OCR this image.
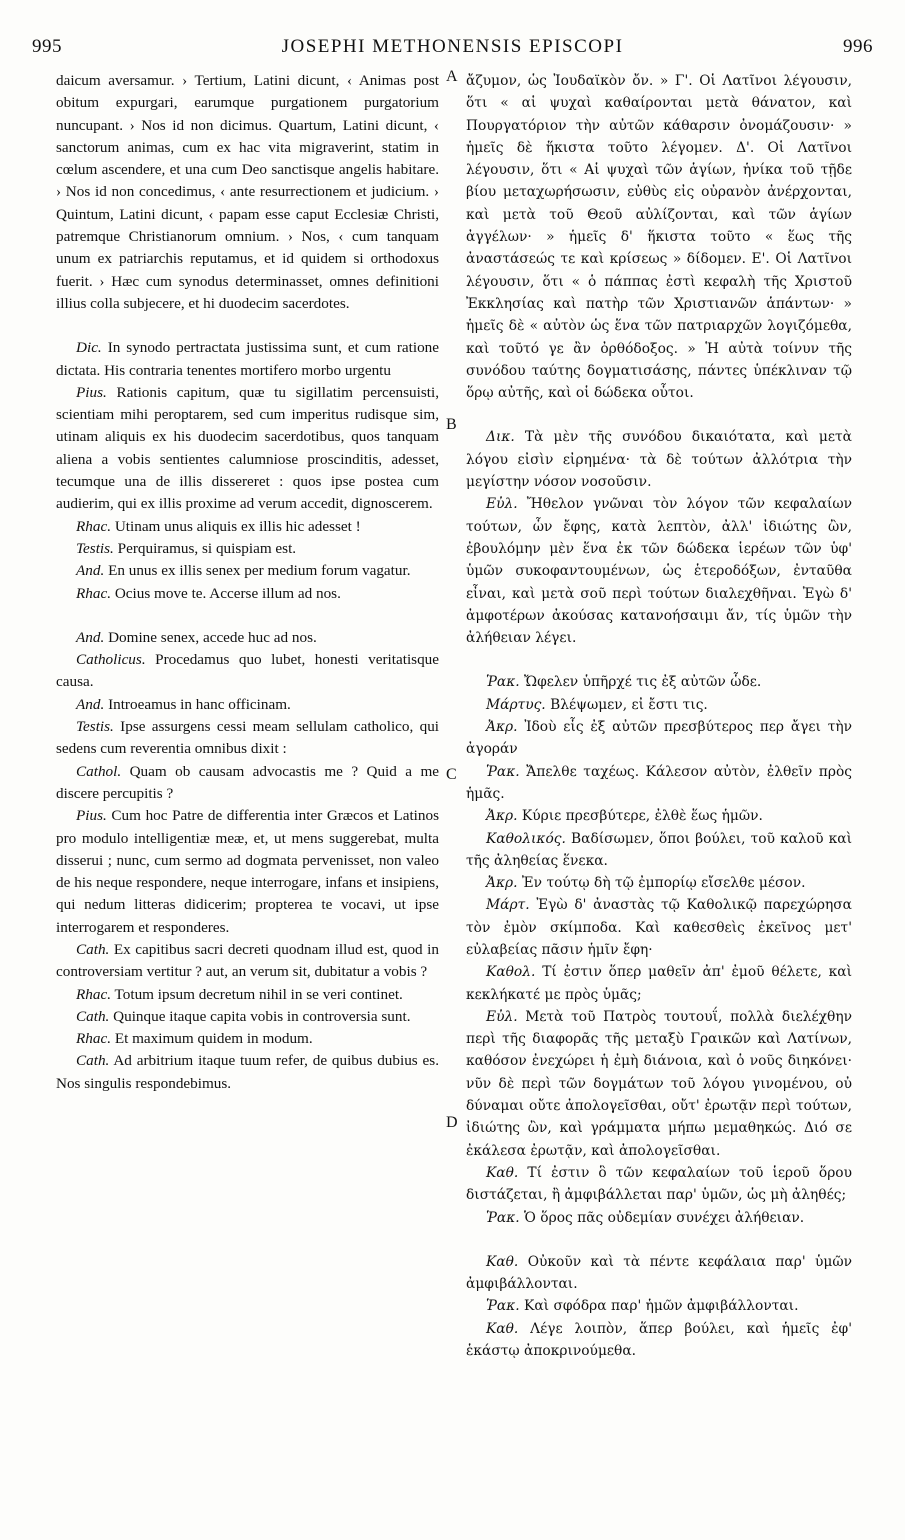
995	JOSEPHI METHONENSIS EPISCOPI	996
A
B
C
D

daicum aversamur. › Tertium, Latini dicunt, ‹ Animas post obitum expurgari, earumque purgationem purgatorium nuncupant. › Nos id non dicimus. Quartum, Latini dicunt, ‹ sanctorum animas, cum ex hac vita migraverint, statim in cœlum ascendere, et una cum Deo sanctisque angelis habitare. › Nos id non concedimus, ‹ ante resurrectionem et judicium. › Quintum, Latini dicunt, ‹ papam esse caput Ecclesiæ Christi, patremque Christianorum omnium. › Nos, ‹ cum tanquam unum ex patriarchis reputamus, et id quidem si orthodoxus fuerit. › Hæc cum synodus determinasset, omnes definitioni illius colla subjecere, et hi duodecim sacerdotes.

Dic. In synodo pertractata justissima sunt, et cum ratione dictata. His contraria tenentes mortifero morbo urgentu

Pius. Rationis capitum, quæ tu sigillatim percensuisti, scientiam mihi peroptarem, sed cum imperitus rudisque sim, utinam aliquis ex his duodecim sacerdotibus, quos tanquam aliena a vobis sentientes calumniose proscinditis, adesset, tecumque una de illis dissereret : quos ipse postea cum audierim, qui ex illis proxime ad verum accedit, dignoscerem.

Rhac. Utinam unus aliquis ex illis hic adesset !

Testis. Perquiramus, si quispiam est.

And. En unus ex illis senex per medium forum vagatur.

Rhac. Ocius move te. Accerse illum ad nos.

And. Domine senex, accede huc ad nos.

Catholicus. Procedamus quo lubet, honesti veritatisque causa.

And. Introeamus in hanc officinam.

Testis. Ipse assurgens cessi meam sellulam catholico, qui sedens cum reverentia omnibus dixit :

Cathol. Quam ob causam advocastis me ? Quid a me discere percupitis ?

Pius. Cum hoc Patre de differentia inter Græcos et Latinos pro modulo intelligentiæ meæ, et, ut mens suggerebat, multa disserui ; nunc, cum sermo ad dogmata pervenisset, non valeo de his neque respondere, neque interrogare, infans et insipiens, qui nedum litteras didicerim; propterea te vocavi, ut ipse interrogarem et responderes.

Cath. Ex capitibus sacri decreti quodnam illud est, quod in controversiam vertitur ? aut, an verum sit, dubitatur a vobis ?

Rhac. Totum ipsum decretum nihil in se veri continet.

Cath. Quinque itaque capita vobis in controversia sunt.

Rhac. Et maximum quidem in modum.

Cath. Ad arbitrium itaque tuum refer, de quibus dubius es. Nos singulis respondebimus.

ἄζυμον, ὡς Ἰουδαϊκὸν ὄν. » Γ'. Οἱ Λατῖνοι λέγουσιν, ὅτι « αἱ ψυχαὶ καθαίρονται μετὰ θάνατον, καὶ Πουργατόριον τὴν αὐτῶν κάθαρσιν ὀνομάζουσιν· » ἡμεῖς δὲ ἥκιστα τοῦτο λέγομεν. Δ'. Οἱ Λατῖνοι λέγουσιν, ὅτι « Αἱ ψυχαὶ τῶν ἁγίων, ἡνίκα τοῦ τῇδε βίου μεταχωρήσωσιν, εὐθὺς εἰς οὐρανὸν ἀνέρχονται, καὶ μετὰ τοῦ Θεοῦ αὐλίζονται, καὶ τῶν ἁγίων ἀγγέλων· » ἡμεῖς δ' ἥκιστα τοῦτο « ἕως τῆς ἀναστάσεώς τε καὶ κρίσεως » δίδομεν. Ε'. Οἱ Λατῖνοι λέγουσιν, ὅτι « ὁ πάππας ἐστὶ κεφαλὴ τῆς Χριστοῦ Ἐκκλησίας καὶ πατὴρ τῶν Χριστιανῶν ἁπάντων· » ἡμεῖς δὲ « αὐτὸν ὡς ἕνα τῶν πατριαρχῶν λογιζόμεθα, καὶ τοῦτό γε ἂν ὀρθόδοξος. » Ἡ αὐτὰ τοίνυν τῆς συνόδου ταύτης δογματισάσης, πάντες ὑπέκλιναν τῷ ὅρῳ αὐτῆς, καὶ οἱ δώδεκα οὗτοι.

Δικ. Τὰ μὲν τῆς συνόδου δικαιότατα, καὶ μετὰ λόγου εἰσὶν εἰρημένα· τὰ δὲ τούτων ἀλλότρια τὴν μεγίστην νόσον νοσοῦσιν.

Εὐλ. Ἤθελον γνῶναι τὸν λόγον τῶν κεφαλαίων τούτων, ὧν ἔφης, κατὰ λεπτὸν, ἀλλ' ἰδιώτης ὢν, ἐβουλόμην μὲν ἕνα ἐκ τῶν δώδεκα ἱερέων τῶν ὑφ' ὑμῶν συκοφαντουμένων, ὡς ἑτεροδόξων, ἐνταῦθα εἶναι, καὶ μετὰ σοῦ περὶ τούτων διαλεχθῆναι. Ἐγὼ δ' ἀμφοτέρων ἀκούσας κατανοήσαιμι ἄν, τίς ὑμῶν τὴν ἀλήθειαν λέγει.

Ῥακ. Ὤφελεν ὑπῆρχέ τις ἐξ αὐτῶν ὧδε.

Μάρτυς. Βλέψωμεν, εἰ ἔστι τις.

Ἀκρ. Ἰδοὺ εἷς ἐξ αὐτῶν πρεσβύτερος περ ἄγει τὴν ἀγοράν

Ῥακ. Ἄπελθε ταχέως. Κάλεσον αὐτὸν, ἐλθεῖν πρὸς ἡμᾶς.

Ἀκρ. Κύριε πρεσβύτερε, ἐλθὲ ἕως ἡμῶν.

Καθολικός. Βαδίσωμεν, ὅποι βούλει, τοῦ καλοῦ καὶ τῆς ἀληθείας ἕνεκα.

Ἀκρ. Ἐν τούτῳ δὴ τῷ ἐμπορίῳ εἴσελθε μέσον.

Μάρτ. Ἐγὼ δ' ἀναστὰς τῷ Καθολικῷ παρεχώρησα τὸν ἐμὸν σκίμποδα. Καὶ καθεσθεὶς ἐκεῖνος μετ' εὐλαβείας πᾶσιν ἡμῖν ἔφη·

Καθολ. Τί ἐστιν ὅπερ μαθεῖν ἀπ' ἐμοῦ θέλετε, καὶ κεκλήκατέ με πρὸς ὑμᾶς;

Εὐλ. Μετὰ τοῦ Πατρὸς τουτουΐ, πολλὰ διελέχθην περὶ τῆς διαφορᾶς τῆς μεταξὺ Γραικῶν καὶ Λατίνων, καθόσον ἐνεχώρει ἡ ἐμὴ διάνοια, καὶ ὁ νοῦς διηκόνει· νῦν δὲ περὶ τῶν δογμάτων τοῦ λόγου γινομένου, οὐ δύναμαι οὔτε ἀπολογεῖσθαι, οὔτ' ἐρωτᾷν περὶ τούτων, ἰδιώτης ὢν, καὶ γράμματα μήπω μεμαθηκώς. Διό σε ἐκάλεσα ἐρωτᾷν, καὶ ἀπολογεῖσθαι.

Καθ. Τί ἐστιν ὃ τῶν κεφαλαίων τοῦ ἱεροῦ ὅρου διστάζεται, ἢ ἀμφιβάλλεται παρ' ὑμῶν, ὡς μὴ ἀληθές;

Ῥακ. Ὁ ὅρος πᾶς οὐδεμίαν συνέχει ἀλήθειαν.

Καθ. Οὐκοῦν καὶ τὰ πέντε κεφάλαια παρ' ὑμῶν ἀμφιβάλλονται.

Ῥακ. Καὶ σφόδρα παρ' ἡμῶν ἀμφιβάλλονται.

Καθ. Λέγε λοιπὸν, ἅπερ βούλει, καὶ ἡμεῖς ἐφ' ἑκάστῳ ἀποκρινούμεθα.
